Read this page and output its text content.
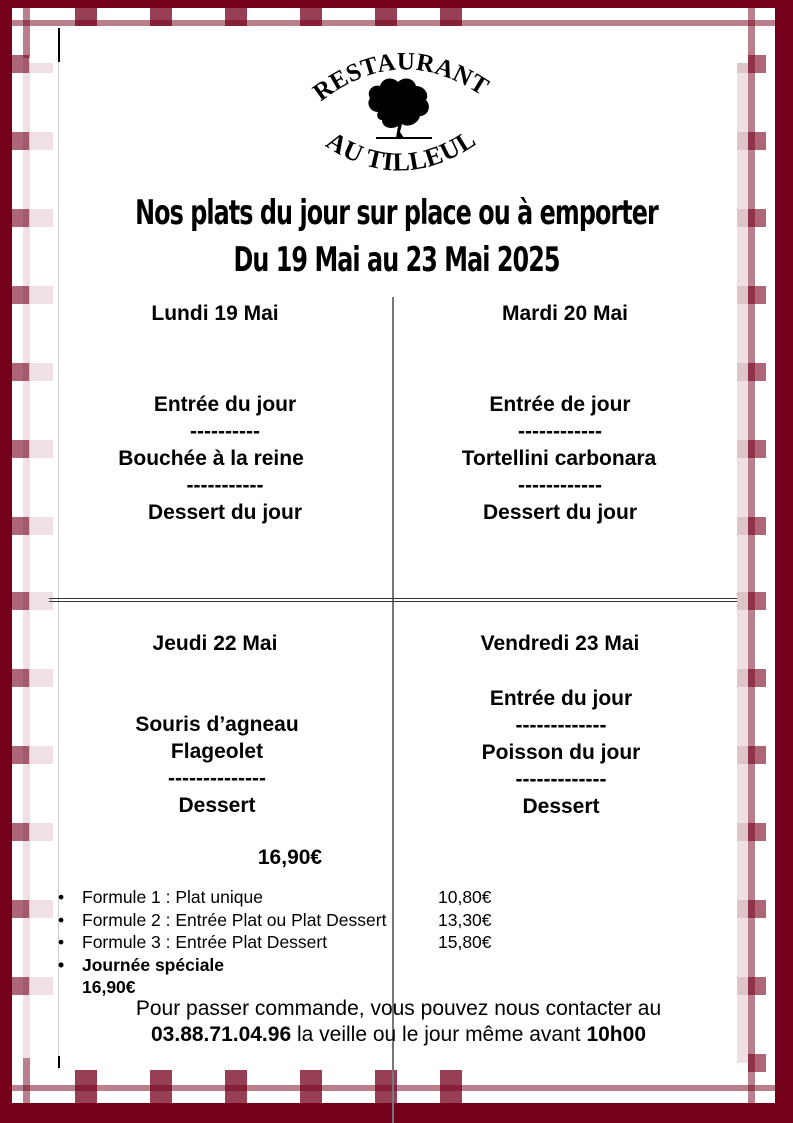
RESTAURANT
AU TILLEUL
Nos plats du jour sur place ou à emporter
Du 19 Mai au 23 Mai 2025
Lundi 19 Mai
Entrée du jour
----------
Bouchée à la reine
-----------
Dessert du jour
Mardi 20 Mai
Entrée de jour
------------
Tortellini carbonara
------------
Dessert du jour
Jeudi 22 Mai
Souris d’agneau
Flageolet
--------------
Dessert
Vendredi 23 Mai
Entrée du jour
-------------
Poisson du jour
-------------
Dessert
16,90€
• Formule 1 : Plat unique	10,80€
• Formule 2 : Entrée Plat ou Plat Dessert	13,30€
• Formule 3 : Entrée Plat Dessert	15,80€
• Journée spéciale
16,90€
Pour passer commande, vous pouvez nous contacter au
03.88.71.04.96 la veille ou le jour même avant 10h00
